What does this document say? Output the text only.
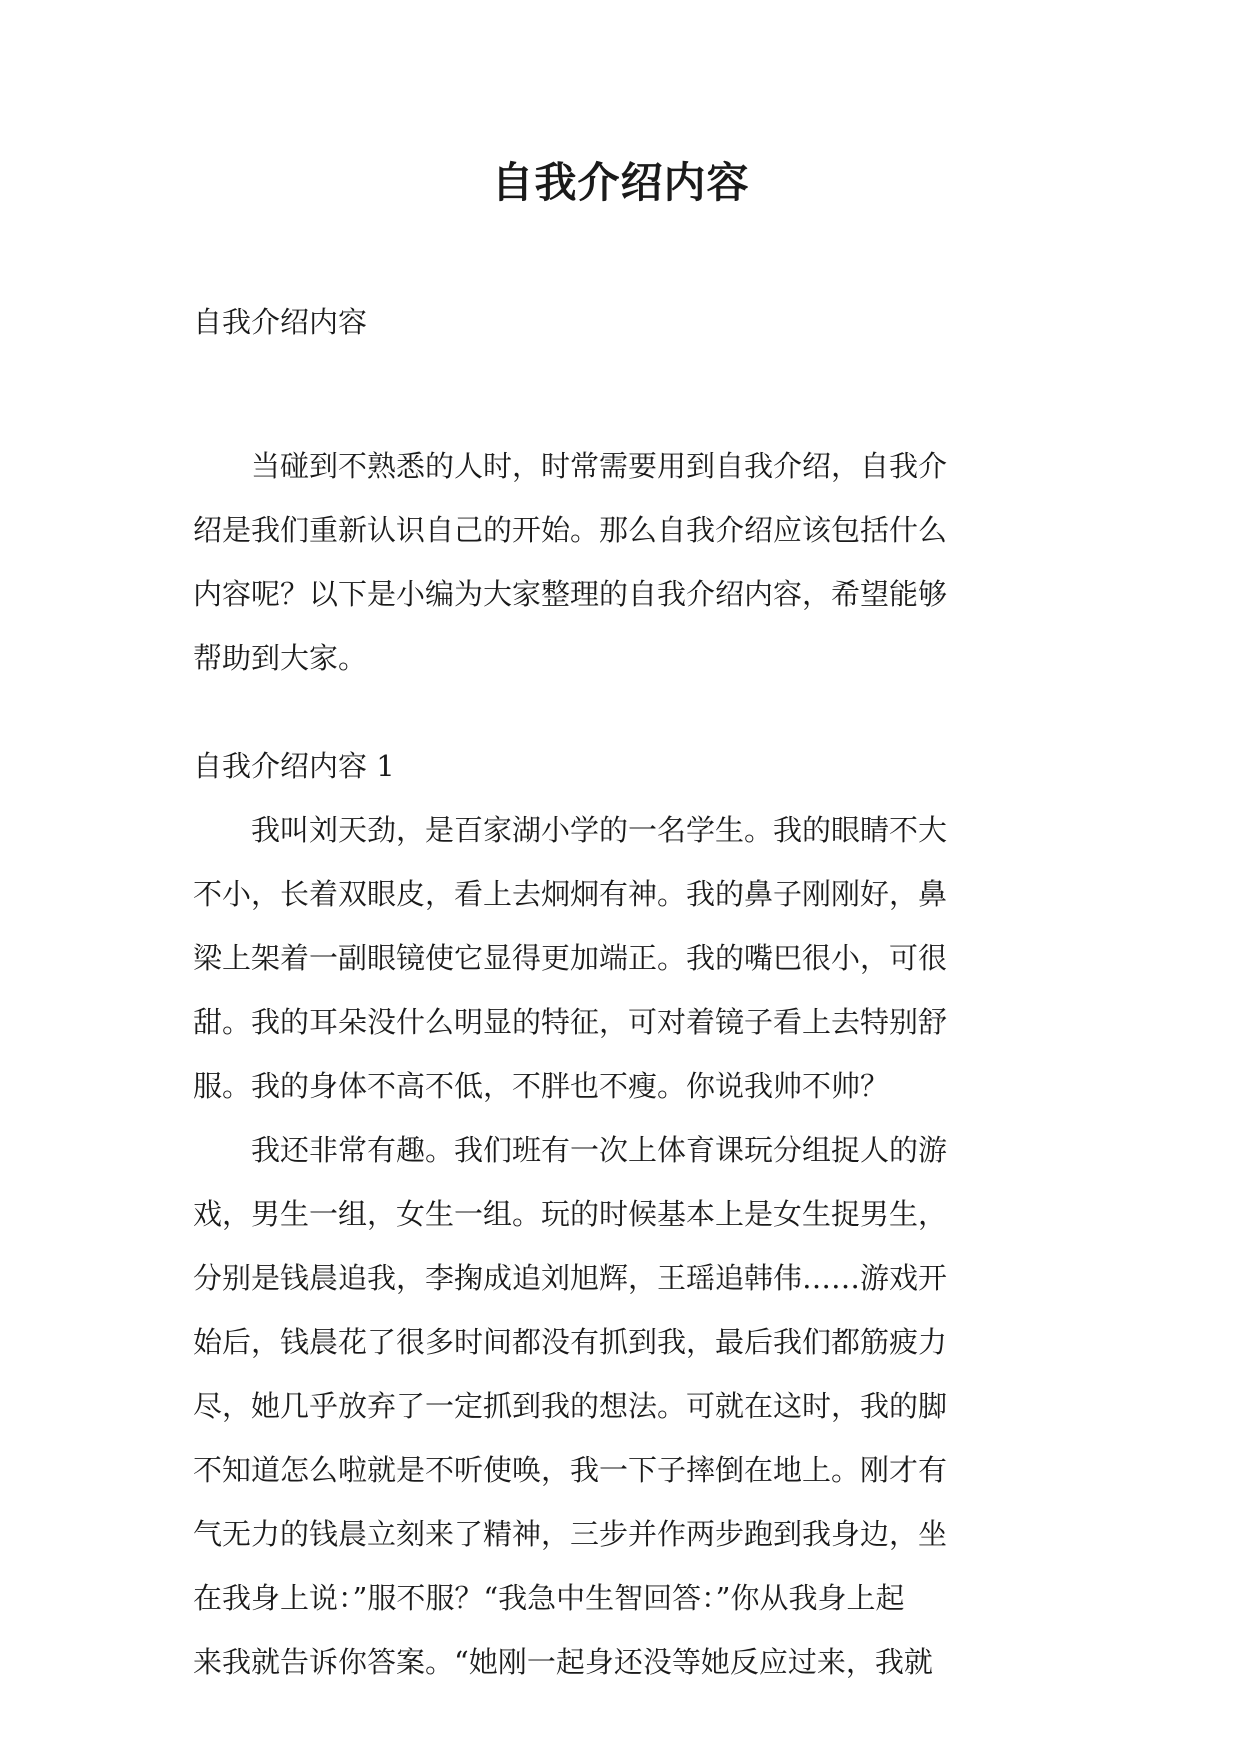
自我介绍内容

自我介绍内容

当碰到不熟悉的人时，时常需要用到自我介绍，自我介
绍是我们重新认识自己的开始。那么自我介绍应该包括什么
内容呢？以下是小编为大家整理的自我介绍内容，希望能够
帮助到大家。

自我介绍内容 1

我叫刘天劲，是百家湖小学的一名学生。我的眼睛不大
不小，长着双眼皮，看上去炯炯有神。我的鼻子刚刚好，鼻
梁上架着一副眼镜使它显得更加端正。我的嘴巴很小，可很
甜。我的耳朵没什么明显的特征，可对着镜子看上去特别舒
服。我的身体不高不低，不胖也不瘦。你说我帅不帅？

我还非常有趣。我们班有一次上体育课玩分组捉人的游
戏，男生一组，女生一组。玩的时候基本上是女生捉男生，
分别是钱晨追我，李掬成追刘旭辉，王瑶追韩伟……游戏开
始后，钱晨花了很多时间都没有抓到我，最后我们都筋疲力
尽，她几乎放弃了一定抓到我的想法。可就在这时，我的脚
不知道怎么啦就是不听使唤，我一下子摔倒在地上。刚才有
气无力的钱晨立刻来了精神，三步并作两步跑到我身边，坐
在我身上说：”服不服？“我急中生智回答：”你从我身上起
来我就告诉你答案。“她刚一起身还没等她反应过来，我就
